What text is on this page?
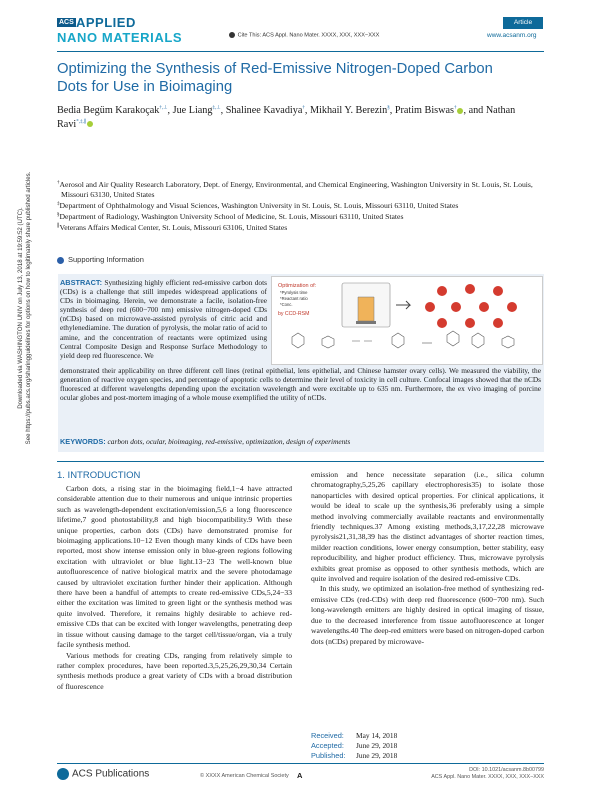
Downloaded via WASHINGTON UNIV on July 13, 2018 at 19:59:52 (UTC). See https://pubs.acs.org/sharingguidelines for options on how to legitimately share published articles.
ACS APPLIED
NANO MATERIALS	Cite This: ACS Appl. Nano Mater. XXXX, XXX, XXX−XXX
Article
www.acsanm.org
Optimizing the Synthesis of Red-Emissive Nitrogen-Doped Carbon Dots for Use in Bioimaging
Bedia Begüm Karakoçak†,⊥, Jue Liang‡,⊥, Shalinee Kavadiya†, Mikhail Y. Berezin§, Pratim Biswas† , and Nathan Ravi*,‡,∥

†Aerosol and Air Quality Research Laboratory, Dept. of Energy, Environmental, and Chemical Engineering, Washington University in St. Louis, St. Louis, Missouri 63130, United States

‡Department of Ophthalmology and Visual Sciences, Washington University in St. Louis, St. Louis, Missouri 63110, United States

§Department of Radiology, Washington University School of Medicine, St. Louis, Missouri 63110, United States

∥Veterans Affairs Medical Center, St. Louis, Missouri 63106, United States

Supporting Information
ABSTRACT: Synthesizing highly efficient red-emissive carbon dots (CDs) is a challenge that still impedes widespread applications of CDs in bioimaging. Herein, we demonstrate a facile, isolation-free synthesis of deep red (600−700 nm) emissive nitrogen-doped CDs (nCDs) based on microwave-assisted pyrolysis of citric acid and ethylenediamine. The duration of pyrolysis, the molar ratio of acid to amine, and the concentration of reactants were optimized using Central Composite Design and Response Surface Methodology to yield deep red fluorescence. We
Optimization of:
*Pyrolysis time
*Reactant ratio
*Conc.
by CCD-RSM
demonstrated their applicability on three different cell lines (retinal epithelial, lens epithelial, and Chinese hamster ovary cells). We measured the viability, the generation of reactive oxygen species, and percentage of apoptotic cells to determine their level of toxicity in cell culture. Confocal images showed that the nCDs fluoresced at different wavelengths depending upon the excitation wavelength and were excitable up to 635 nm. Furthermore, the ex vivo imaging of porcine ocular globes and post-mortem imaging of a whole mouse exemplified the utility of nCDs.
KEYWORDS: carbon dots, ocular, bioimaging, red-emissive, optimization, design of experiments
1. INTRODUCTION

Carbon dots, a rising star in the bioimaging field,1−4 have attracted considerable attention due to their numerous and unique intrinsic properties such as wavelength-dependent excitation/emission,5,6 a long fluorescence lifetime,7 good photostability,8 and high biocompatibility.9 With these unique properties, carbon dots (CDs) have demonstrated promise for bioimaging applications.10−12 Even though many kinds of CDs have been reported, most show intense emission only in blue-green regions following excitation with ultraviolet or blue light.13−23 The well-known blue autofluorescence of native biological matrix and the severe photodamage caused by ultraviolet excitation further hinder their application. Although there have been a handful of attempts to create red-emissive CDs,5,24−33 either the excitation was limited to green light or the synthesis method was quite involved. Therefore, it remains highly desirable to achieve red-emissive CDs that can be excited with longer wavelengths, penetrating deep in tissue without causing damage to the target cell/tissue/organ, via a truly facile synthesis method.

Various methods for creating CDs, ranging from relatively simple to rather complex procedures, have been reported.3,5,25,26,29,30,34 Certain synthesis methods produce a great variety of CDs with a broad distribution of fluorescence

emission and hence necessitate separation (i.e., silica column chromatography,5,25,26 capillary electrophoresis35) to isolate those nanoparticles with desired optical properties. For clinical applications, it would be ideal to scale up the synthesis,36 preferably using a simple method involving commercially available reactants and environmentally friendly techniques.37 Among existing methods,3,17,22,28 microwave pyrolysis21,31,38,39 has the distinct advantages of shorter reaction times, milder reaction conditions, lower energy consumption, better stability, easy reproducibility, and higher product efficiency. Thus, microwave pyrolysis exhibits great promise as opposed to other synthesis methods, which are quite involved and require isolation of the desired red-emissive CDs.

In this study, we optimized an isolation-free method of synthesizing red-emissive CDs (red-CDs) with deep red fluorescence (600−700 nm). Such long-wavelength emitters are highly desired in optical imaging of tissue, due to the decreased interference from tissue autofluorescence at longer wavelengths.40 The deep-red emitters were based on nitrogen-doped carbon dots (nCDs) prepared by microwave-

Received: May 14, 2018
Accepted: June 29, 2018
Published: June 29, 2018
ACS Publications	© XXXX American Chemical Society A
DOI: 10.1021/acsanm.8b00799
ACS Appl. Nano Mater. XXXX, XXX, XXX−XXX
